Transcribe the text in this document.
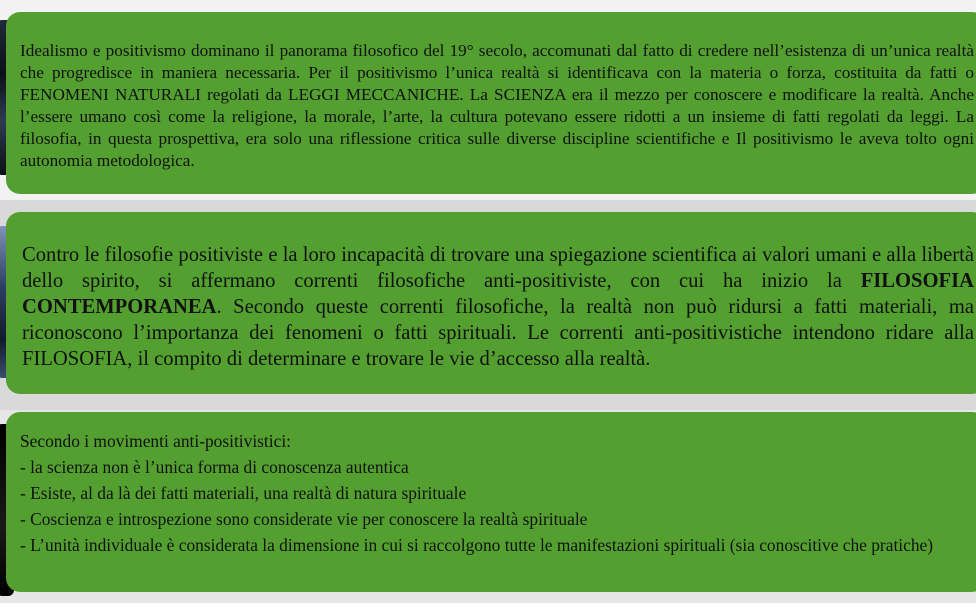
Idealismo e positivismo dominano il panorama filosofico del 19° secolo, accomunati dal fatto di credere nell’esistenza di un’unica realtà che progredisce in maniera necessaria. Per il positivismo l’unica realtà si identificava con la materia o forza, costituita da fatti o FENOMENI NATURALI regolati da LEGGI MECCANICHE. La SCIENZA era il mezzo per conoscere e modificare la realtà. Anche l’essere umano così come la religione, la morale, l’arte, la cultura potevano essere ridotti a un insieme di fatti regolati da leggi. La filosofia, in questa prospettiva, era solo una riflessione critica sulle diverse discipline scientifiche e Il positivismo le aveva tolto ogni autonomia metodologica.

Contro le filosofie positiviste e la loro incapacità di trovare una spiegazione scientifica ai valori umani e alla libertà dello spirito, si affermano correnti filosofiche anti-positiviste, con cui ha inizio la FILOSOFIA CONTEMPORANEA. Secondo queste correnti filosofiche, la realtà non può ridursi a fatti materiali, ma riconoscono l’importanza dei fenomeni o fatti spirituali. Le correnti anti-positivistiche intendono ridare alla FILOSOFIA, il compito di determinare e trovare le vie d’accesso alla realtà.

Secondo i movimenti anti-positivistici:

- la scienza non è l’unica forma di conoscenza autentica

- Esiste, al da là dei fatti materiali, una realtà di natura spirituale

- Coscienza e introspezione sono considerate vie per conoscere la realtà spirituale

- L’unità individuale è considerata la dimensione in cui si raccolgono tutte le manifestazioni spirituali (sia conoscitive che pratiche)
